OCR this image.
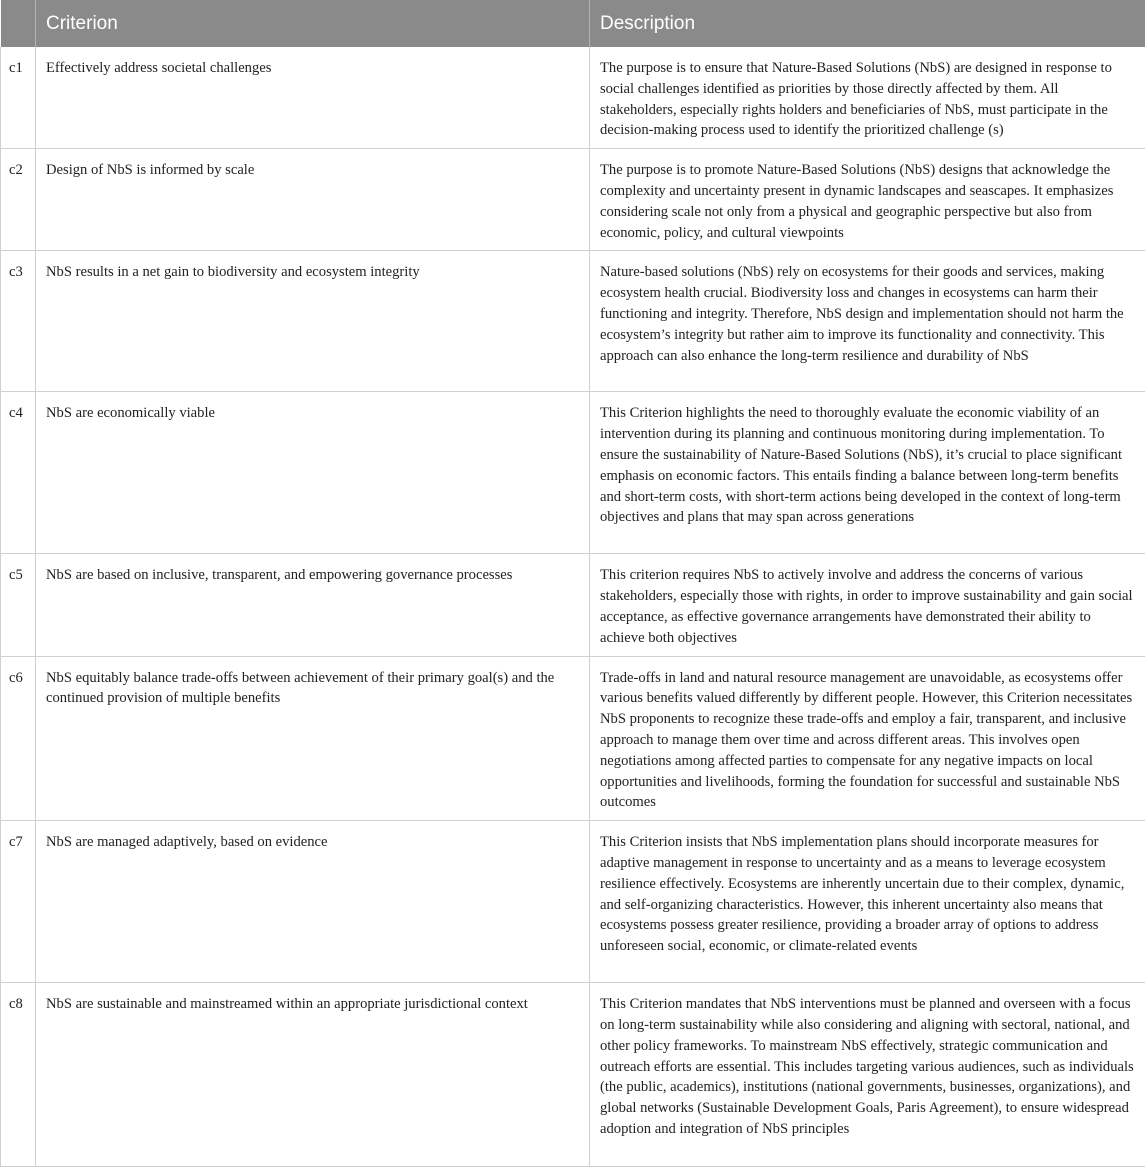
	Criterion	Description
c1	Effectively address societal challenges	The purpose is to ensure that Nature-Based Solutions (NbS) are designed in response to social challenges identified as priorities by those directly affected by them. All stakeholders, especially rights holders and beneficiaries of NbS, must participate in the decision-making process used to identify the prioritized challenge (s)
c2	Design of NbS is informed by scale	The purpose is to promote Nature-Based Solutions (NbS) designs that acknowledge the complexity and uncertainty present in dynamic landscapes and seascapes. It emphasizes considering scale not only from a physical and geographic perspective but also from economic, policy, and cultural viewpoints
c3	NbS results in a net gain to biodiversity and ecosystem integrity	Nature-based solutions (NbS) rely on ecosystems for their goods and services, making ecosystem health crucial. Biodiversity loss and changes in ecosystems can harm their functioning and integrity. Therefore, NbS design and implementation should not harm the ecosystem’s integrity but rather aim to improve its functionality and connectivity. This approach can also enhance the long-term resilience and durability of NbS
c4	NbS are economically viable	This Criterion highlights the need to thoroughly evaluate the economic viability of an intervention during its planning and continuous monitoring during implementation. To ensure the sustainability of Nature-Based Solutions (NbS), it’s crucial to place significant emphasis on economic factors. This entails finding a balance between long-term benefits and short-term costs, with short-term actions being developed in the context of long-term objectives and plans that may span across generations
c5	NbS are based on inclusive, transparent, and empowering governance processes	This criterion requires NbS to actively involve and address the concerns of various stakeholders, especially those with rights, in order to improve sustainability and gain social acceptance, as effective governance arrangements have demonstrated their ability to achieve both objectives
c6	NbS equitably balance trade-offs between achievement of their primary goal(s) and the continued provision of multiple benefits	Trade-offs in land and natural resource management are unavoidable, as ecosystems offer various benefits valued differently by different people. However, this Criterion necessitates NbS proponents to recognize these trade-offs and employ a fair, transparent, and inclusive approach to manage them over time and across different areas. This involves open negotiations among affected parties to compensate for any negative impacts on local opportunities and livelihoods, forming the foundation for successful and sustainable NbS outcomes
c7	NbS are managed adaptively, based on evidence	This Criterion insists that NbS implementation plans should incorporate measures for adaptive management in response to uncertainty and as a means to leverage ecosystem resilience effectively. Ecosystems are inherently uncertain due to their complex, dynamic, and self-organizing characteristics. However, this inherent uncertainty also means that ecosystems possess greater resilience, providing a broader array of options to address unforeseen social, economic, or climate-related events
c8	NbS are sustainable and mainstreamed within an appropriate jurisdictional context	This Criterion mandates that NbS interventions must be planned and overseen with a focus on long-term sustainability while also considering and aligning with sectoral, national, and other policy frameworks. To mainstream NbS effectively, strategic communication and outreach efforts are essential. This includes targeting various audiences, such as individuals (the public, academics), institutions (national governments, businesses, organizations), and global networks (Sustainable Development Goals, Paris Agreement), to ensure widespread adoption and integration of NbS principles
